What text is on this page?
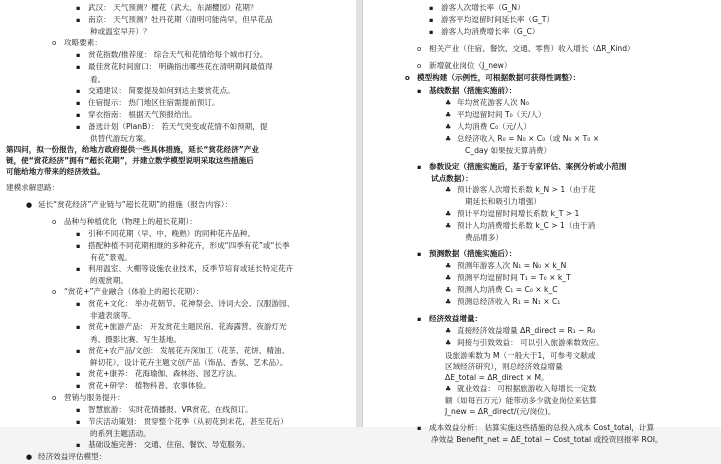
▪ 武汉： 天气预测？樱花（武大、东湖樱园）花期？
▪ 南京： 天气预测？牡丹花期（清明可能尚早，但早花品
种或温室早开）？
o 攻略要素：
▪ 赏花指数/推荐度： 综合天气和花情给每个城市打分。
▪ 最佳赏花时间窗口： 明确指出哪些花在清明期间最值得
看。
▪ 交通建议： 简要提及如何到达主要赏花点。
▪ 住宿提示： 热门地区住宿需提前预订。
▪ 穿衣指南： 根据天气预报给出。
▪ 备选计划（PlanB）： 若天气突变或花情不如预期，提
供替代游玩方案。
第四问，拟一份报告，给地方政府提供一些具体措施，延长“赏花经济”产业
链，使“赏花经济”拥有“超长花期”，并建立数学模型说明采取这些措施后
可能给地方带来的经济效益。
建模求解思路：
● 延长“赏花经济”产业链与“超长花期”的措施（报告内容）：
o 品种与种植优化（物理上的超长花期）：
▪ 引种不同花期（早、中、晚熟）的同种花卉品种。
▪ 搭配种植不同花期相继的多种花卉，形成“四季有花”或“长季
有花”景观。
▪ 利用温室、大棚等设施农业技术，反季节培育或延长特定花卉
的观赏期。
o “赏花+”产业融合（体验上的超长花期）：
▪ 赏花+文化： 举办花朝节、花神祭会、诗词大会、汉服游园、
非遗表演等。
▪ 赏花+旅游产品： 开发赏花主题民宿、花海露营、夜游灯光
秀、摄影比赛、写生基地。
▪ 赏花+农产品/文创： 发展花卉深加工（花茶、花饼、精油、
鲜切花），设计花卉主题文创产品（饰品、香氛、艺术品）。
▪ 赏花+康养： 花海瑜伽、森林浴、园艺疗法。
▪ 赏花+研学： 植物科普、农事体验。
o 营销与服务提升：
▪ 智慧旅游： 实时花情播报、VR赏花、在线预订。
▪ 节庆活动策划： 贯穿整个花季（从初花到末花，甚至花后）
的系列主题活动。
▪ 基础设施完善： 交通、住宿、餐饮、导览服务。
● 经济效益评估模型：
▪ 游客人次增长率（G_N）
▪ 游客平均逗留时间延长率（G_T）
▪ 游客人均消费增长率（G_C）
o 相关产业（住宿、餐饮、交通、零售）收入增长（ΔR_Kind）
o 新增就业岗位（J_new）
o 模型构建（示例性，可根据数据可获得性调整）：
▪ 基线数据（措施实施前）：
♣ 年均赏花游客人次 N₀
♣ 平均逗留时间 T₀（天/人）
♣ 人均消费 C₀（元/人）
♣ 总经济收入 R₀ = N₀ × C₀（或 N₀ × T₀ ×
C_day 如果按天算消费）
▪ 参数设定（措施实施后，基于专家评估、案例分析或小范围
试点数据）：
♣ 预计游客人次增长系数 k_N > 1（由于花
期延长和吸引力增强）
♣ 预计平均逗留时间增长系数 k_T > 1
♣ 预计人均消费增长系数 k_C > 1（由于消
费品增多）
▪ 预测数据（措施实施后）：
♣ 预测年游客人次 N₁ = N₀ × k_N
♣ 预测平均逗留时间 T₁ = T₀ × k_T
♣ 预测人均消费 C₁ = C₀ × k_C
♣ 预测总经济收入 R₁ = N₁ × C₁
▪ 经济效益增量：
♣ 直接经济效益增量 ΔR_direct = R₁ − R₀
♣ 间接与引致效益： 可以引入旅游乘数效应。
设旅游乘数为 M（一般大于1，可参考文献或
区域经济研究），则总经济效益增量
ΔE_total = ΔR_direct × M。
♣ 就业效益： 可根据旅游收入每增长一定数
额（如每百万元）能带动多少就业岗位来估算
J_new = ΔR_direct/(元/岗位)。
▪ 成本效益分析： 估算实施这些措施的总投入成本 Cost_total，计算
净效益 Benefit_net = ΔE_total − Cost_total 或投资回报率 ROI。
